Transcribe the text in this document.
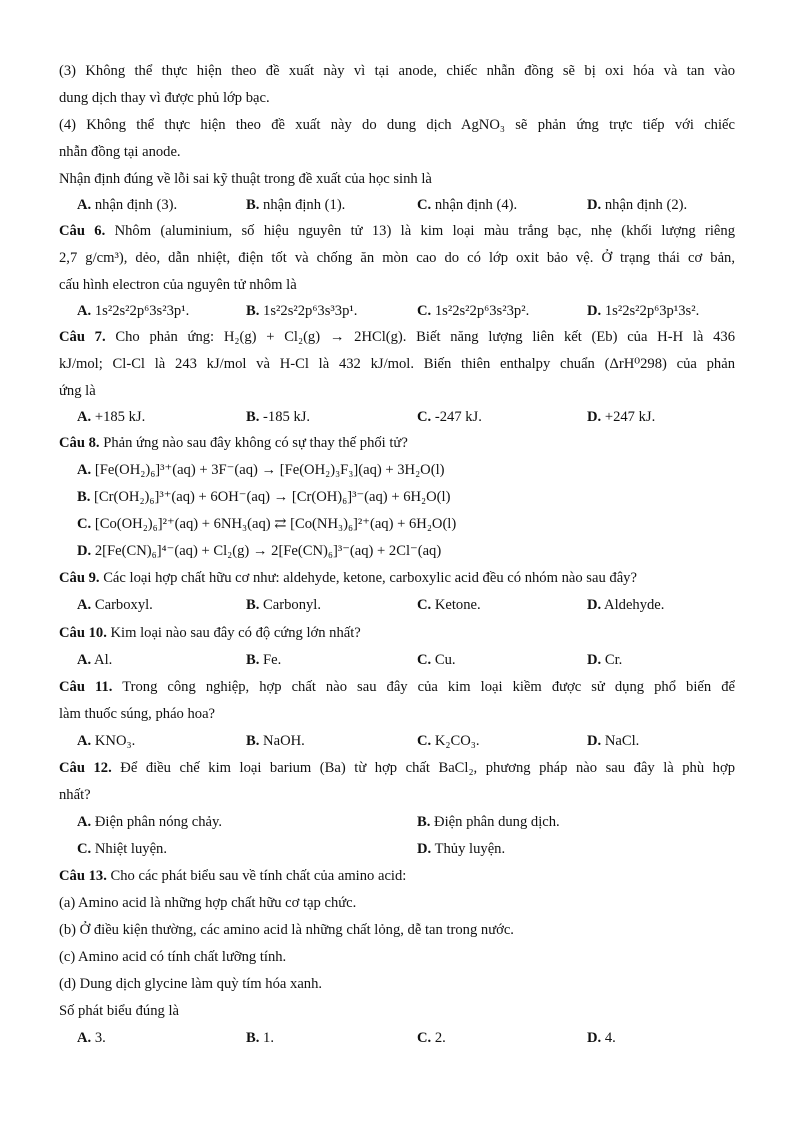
(3) Không thể thực hiện theo đề xuất này vì tại anode, chiếc nhẫn đồng sẽ bị oxi hóa và tan vào
dung dịch thay vì được phủ lớp bạc.
(4) Không thể thực hiện theo đề xuất này do dung dịch AgNO₃ sẽ phản ứng trực tiếp với chiếc
nhẫn đồng tại anode.
Nhận định đúng về lỗi sai kỹ thuật trong đề xuất của học sinh là
A. nhận định (3).	B. nhận định (1).	C. nhận định (4).	D. nhận định (2).
Câu 6. Nhôm (aluminium, số hiệu nguyên tử 13) là kim loại màu trắng bạc, nhẹ (khối lượng riêng
2,7 g/cm³), dẻo, dẫn nhiệt, điện tốt và chống ăn mòn cao do có lớp oxit bảo vệ. Ở trạng thái cơ bản,
cấu hình electron của nguyên tử nhôm là
A. 1s²2s²2p⁶3s²3p¹.	B. 1s²2s²2p⁶3s³3p¹.	C. 1s²2s²2p⁶3s²3p².	D. 1s²2s²2p⁶3p¹3s².
Câu 7. Cho phản ứng: H₂(g) + Cl₂(g) → 2HCl(g). Biết năng lượng liên kết (Eb) của H-H là 436
kJ/mol; Cl-Cl là 243 kJ/mol và H-Cl là 432 kJ/mol. Biến thiên enthalpy chuẩn (ΔrH⁰298) của phản
ứng là
A. +185 kJ.	B. -185 kJ.	C. -247 kJ.	D. +247 kJ.
Câu 8. Phản ứng nào sau đây không có sự thay thế phối tử?
A. [Fe(OH₂)₆]³⁺(aq) + 3F⁻(aq) → [Fe(OH₂)₃F₃](aq) + 3H₂O(l)
B. [Cr(OH₂)₆]³⁺(aq) + 6OH⁻(aq) → [Cr(OH)₆]³⁻(aq) + 6H₂O(l)
C. [Co(OH₂)₆]²⁺(aq) + 6NH₃(aq) ⇄ [Co(NH₃)₆]²⁺(aq) + 6H₂O(l)
D. 2[Fe(CN)₆]⁴⁻(aq) + Cl₂(g) → 2[Fe(CN)₆]³⁻(aq) + 2Cl⁻(aq)
Câu 9. Các loại hợp chất hữu cơ như: aldehyde, ketone, carboxylic acid đều có nhóm nào sau đây?
A. Carboxyl.	B. Carbonyl.	C. Ketone.	D. Aldehyde.
Câu 10. Kim loại nào sau đây có độ cứng lớn nhất?
A. Al.	B. Fe.	C. Cu.	D. Cr.
Câu 11. Trong công nghiệp, hợp chất nào sau đây của kim loại kiềm được sử dụng phổ biến để
làm thuốc súng, pháo hoa?
A. KNO₃.	B. NaOH.	C. K₂CO₃.	D. NaCl.
Câu 12. Để điều chế kim loại barium (Ba) từ hợp chất BaCl₂, phương pháp nào sau đây là phù hợp
nhất?
A. Điện phân nóng chảy.	B. Điện phân dung dịch.
C. Nhiệt luyện.	D. Thủy luyện.
Câu 13. Cho các phát biểu sau về tính chất của amino acid:
(a) Amino acid là những hợp chất hữu cơ tạp chức.
(b) Ở điều kiện thường, các amino acid là những chất lỏng, dễ tan trong nước.
(c) Amino acid có tính chất lưỡng tính.
(d) Dung dịch glycine làm quỳ tím hóa xanh.
Số phát biểu đúng là
A. 3.	B. 1.	C. 2.	D. 4.
